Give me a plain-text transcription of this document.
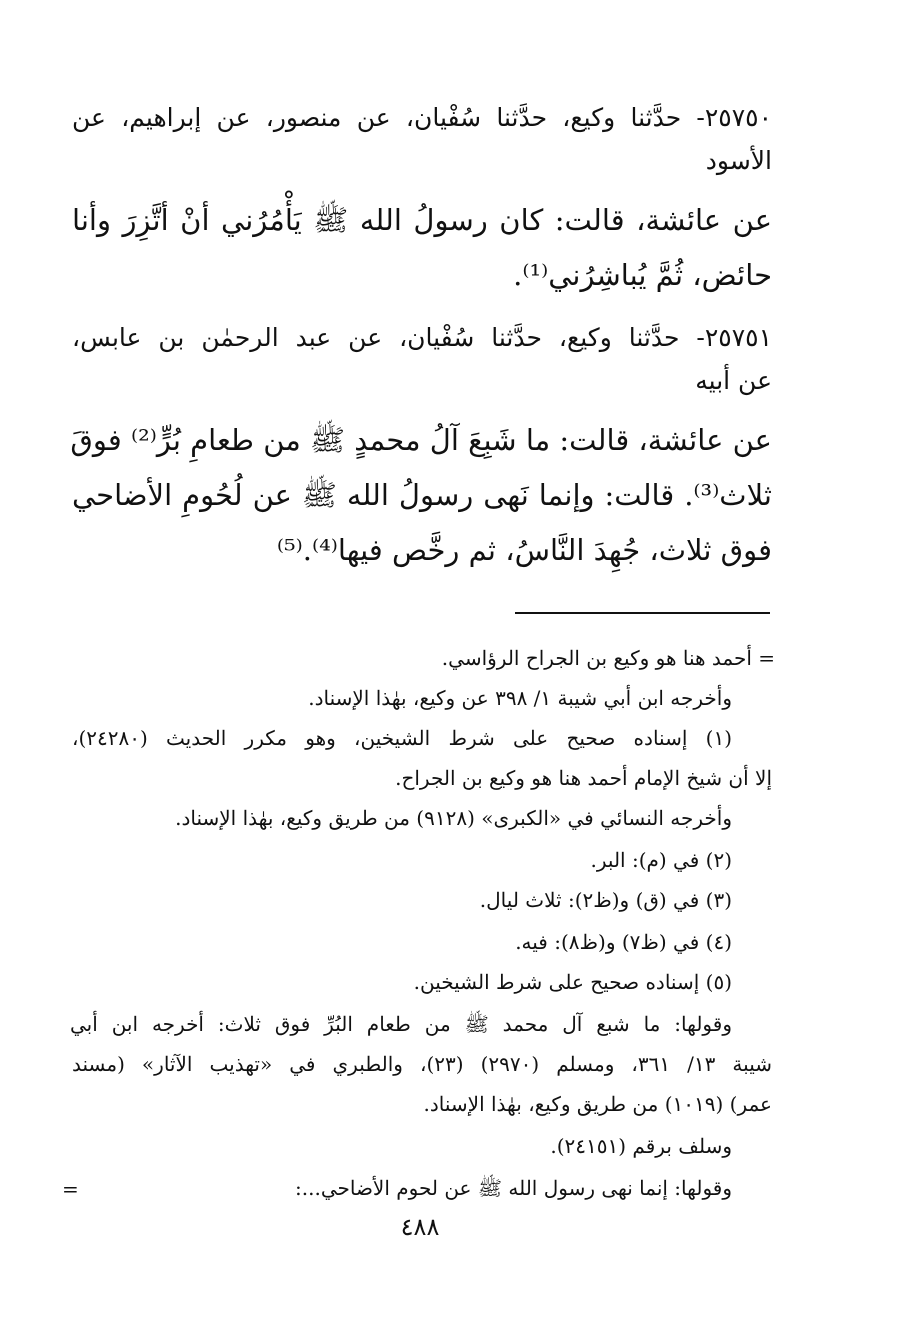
٢٥٧٥٠- حدَّثنا وكيع، حدَّثنا سُفْيان، عن منصور، عن إبراهيم، عن
الأسود
عن عائشة، قالت: كان رسولُ الله ﷺ يَأْمُرُني أنْ أتَّزِرَ وأنا
حائض، ثُمَّ يُباشِرُني⁽¹⁾.
٢٥٧٥١- حدَّثنا وكيع، حدَّثنا سُفْيان، عن عبد الرحمٰن بن عابس،
عن أبيه
عن عائشة، قالت: ما شَبِعَ آلُ محمدٍ ﷺ من طعامِ بُرٍّ⁽²⁾ فوقَ
ثلاث⁽³⁾. قالت: وإنما نَهى رسولُ الله ﷺ عن لُحُومِ الأضاحي
فوق ثلاث، جُهِدَ النَّاسُ، ثم رخَّص فيها⁽⁴⁾.⁽⁵⁾
= أحمد هنا هو وكيع بن الجراح الرؤاسي.
وأخرجه ابن أبي شيبة ١/ ٣٩٨ عن وكيع، بهٰذا الإسناد.
(١) إسناده صحيح على شرط الشيخين، وهو مكرر الحديث (٢٤٢٨٠)،
إلا أن شيخ الإمام أحمد هنا هو وكيع بن الجراح.
وأخرجه النسائي في «الكبرى» (٩١٢٨) من طريق وكيع، بهٰذا الإسناد.
(٢) في (م): البر.
(٣) في (ق) و(ظ٢): ثلاث ليال.
(٤) في (ظ٧) و(ظ٨): فيه.
(٥) إسناده صحيح على شرط الشيخين.
وقولها: ما شبع آل محمد ﷺ من طعام البُرِّ فوق ثلاث: أخرجه ابن أبي
شيبة ١٣/ ٣٦١، ومسلم (٢٩٧٠) (٢٣)، والطبري في «تهذيب الآثار» (مسند
عمر) (١٠١٩) من طريق وكيع، بهٰذا الإسناد.
وسلف برقم (٢٤١٥١).
وقولها: إنما نهى رسول الله ﷺ عن لحوم الأضاحي...:
=
٤٨٨
